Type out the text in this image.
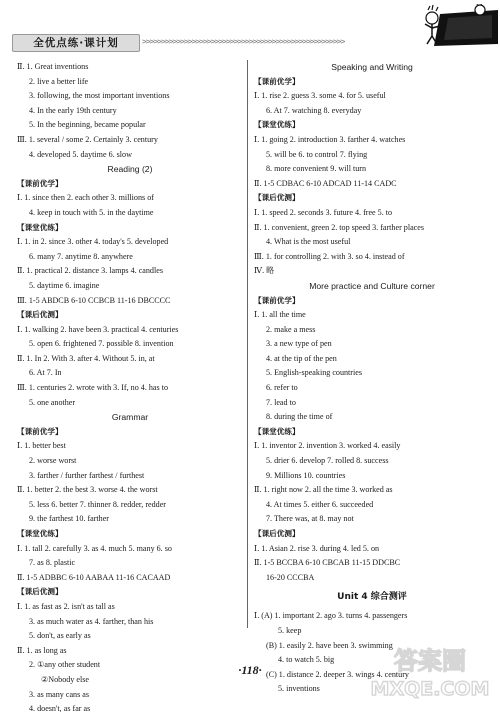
全优点练·课计划	>>>>>>>>>>>>>>>>>>>>>>>>>>>>>>>>>>>>>>>>>>>>>>>>>>>>>
Ⅱ. 1. Great inventions
2. live a better life
3. following, the most important inventions
4. In the early 19th century
5. In the beginning, became popular
Ⅲ. 1. several / some 2. Certainly 3. century
4. developed 5. daytime 6. slow
Reading (2)
【课前优学】
Ⅰ. 1. since then 2. each other 3. millions of
4. keep in touch with 5. in the daytime
【课堂优练】
Ⅰ. 1. in 2. since 3. other 4. today's 5. developed
6. many 7. anytime 8. anywhere
Ⅱ. 1. practical 2. distance 3. lamps 4. candles
5. daytime 6. imagine
Ⅲ. 1-5 ABDCB 6-10 CCBCB 11-16 DBCCCC
【课后优测】
Ⅰ. 1. walking 2. have been 3. practical 4. centuries
5. open 6. frightened 7. possible 8. invention
Ⅱ. 1. In 2. With 3. after 4. Without 5. in, at
6. At 7. In
Ⅲ. 1. centuries 2. wrote with 3. If, no 4. has to
5. one another
Grammar
【课前优学】
Ⅰ. 1. better best
2. worse worst
3. farther / further farthest / furthest
Ⅱ. 1. better 2. the best 3. worse 4. the worst
5. less 6. better 7. thinner 8. redder, redder
9. the farthest 10. farther
【课堂优练】
Ⅰ. 1. tall 2. carefully 3. as 4. much 5. many 6. so
7. as 8. plastic
Ⅱ. 1-5 ADBBC 6-10 AABAA 11-16 CACAAD
【课后优测】
Ⅰ. 1. as fast as 2. isn't as tall as
3. as much water as 4. farther, than his
5. don't, as early as
Ⅱ. 1. as long as
2. ①any other student
②Nobody else
3. as many cans as
4. doesn't, as far as
Speaking and Writing
【课前优学】
Ⅰ. 1. rise 2. guess 3. some 4. for 5. useful
6. At 7. watching 8. everyday
【课堂优练】
Ⅰ. 1. going 2. introduction 3. farther 4. watches
5. will be 6. to control 7. flying
8. more convenient 9. will turn
Ⅱ. 1-5 CDBAC 6-10 ADCAD 11-14 CADC
【课后优测】
Ⅰ. 1. speed 2. seconds 3. future 4. free 5. to
Ⅱ. 1. convenient, green 2. top speed 3. farther places
4. What is the most useful
Ⅲ. 1. for controlling 2. with 3. so 4. instead of
Ⅳ. 略
More practice and Culture corner
【课前优学】
Ⅰ. 1. all the time
2. make a mess
3. a new type of pen
4. at the tip of the pen
5. English-speaking countries
6. refer to
7. lead to
8. during the time of
【课堂优练】
Ⅰ. 1. inventor 2. invention 3. worked 4. easily
5. drier 6. develop 7. rolled 8. success
9. Millions 10. countries
Ⅱ. 1. right now 2. all the time 3. worked as
4. At times 5. either 6. succeeded
7. There was, at 8. may not
【课后优测】
Ⅰ. 1. Asian 2. rise 3. during 4. led 5. on
Ⅱ. 1-5 BCCBA 6-10 CBCAB 11-15 DDCBC
16-20 CCCBA
Unit 4 综合测评
Ⅰ. (A) 1. important 2. ago 3. turns 4. passengers
5. keep
(B) 1. easily 2. have been 3. swimming
4. to watch 5. big
(C) 1. distance 2. deeper 3. wings 4. century
5. inventions
·118·	答案圈
MXQE.COM
